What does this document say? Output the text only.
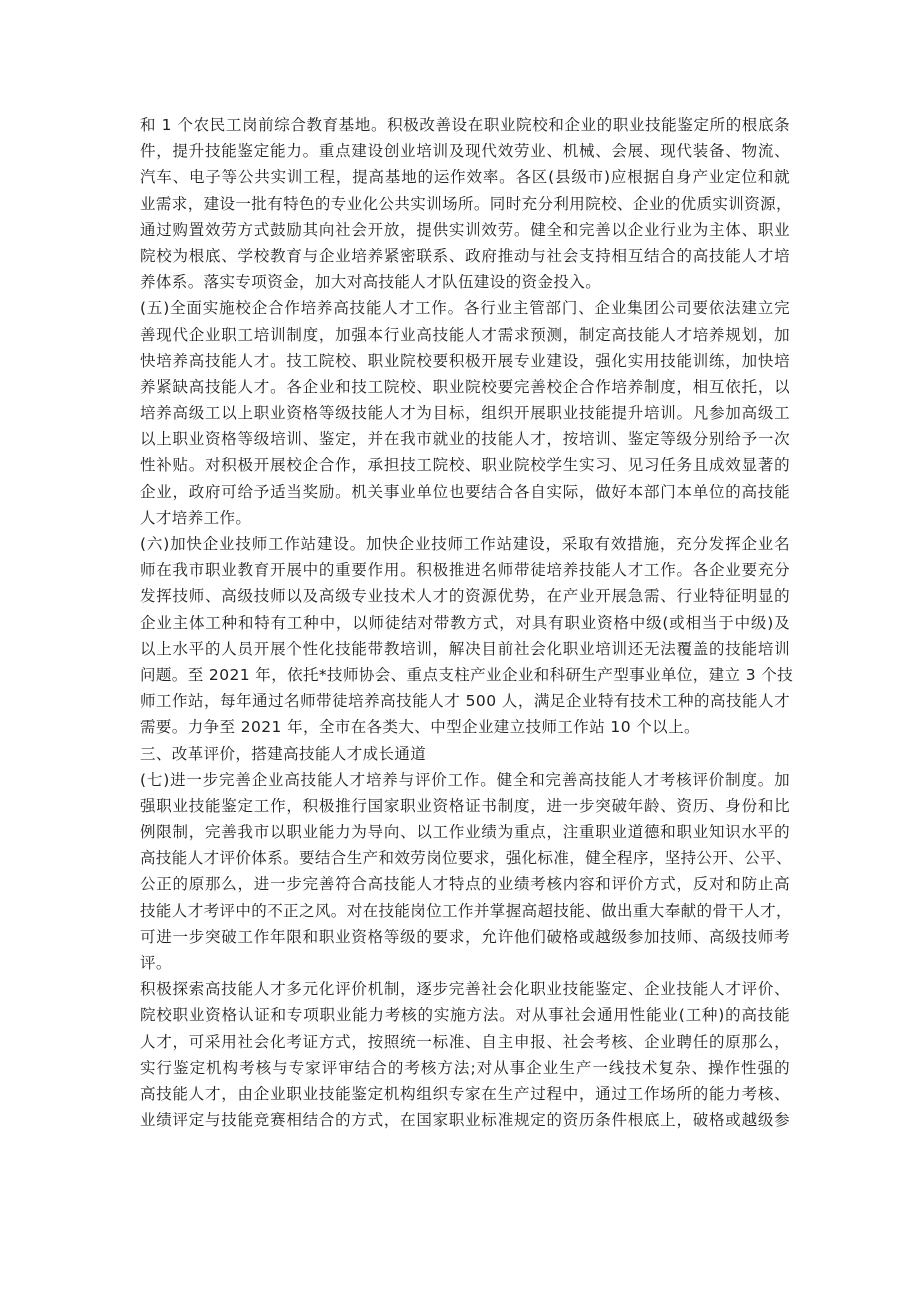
和 1 个农民工岗前综合教育基地。积极改善设在职业院校和企业的职业技能鉴定所的根底条
件，提升技能鉴定能力。重点建设创业培训及现代效劳业、机械、会展、现代装备、物流、
汽车、电子等公共实训工程，提高基地的运作效率。各区(县级市)应根据自身产业定位和就
业需求，建设一批有特色的专业化公共实训场所。同时充分利用院校、企业的优质实训资源，
通过购置效劳方式鼓励其向社会开放，提供实训效劳。健全和完善以企业行业为主体、职业
院校为根底、学校教育与企业培养紧密联系、政府推动与社会支持相互结合的高技能人才培
养体系。落实专项资金，加大对高技能人才队伍建设的资金投入。
(五)全面实施校企合作培养高技能人才工作。各行业主管部门、企业集团公司要依法建立完
善现代企业职工培训制度，加强本行业高技能人才需求预测，制定高技能人才培养规划，加
快培养高技能人才。技工院校、职业院校要积极开展专业建设，强化实用技能训练，加快培
养紧缺高技能人才。各企业和技工院校、职业院校要完善校企合作培养制度，相互依托，以
培养高级工以上职业资格等级技能人才为目标，组织开展职业技能提升培训。凡参加高级工
以上职业资格等级培训、鉴定，并在我市就业的技能人才，按培训、鉴定等级分别给予一次
性补贴。对积极开展校企合作，承担技工院校、职业院校学生实习、见习任务且成效显著的
企业，政府可给予适当奖励。机关事业单位也要结合各自实际，做好本部门本单位的高技能
人才培养工作。
(六)加快企业技师工作站建设。加快企业技师工作站建设，采取有效措施，充分发挥企业名
师在我市职业教育开展中的重要作用。积极推进名师带徒培养技能人才工作。各企业要充分
发挥技师、高级技师以及高级专业技术人才的资源优势，在产业开展急需、行业特征明显的
企业主体工种和特有工种中，以师徒结对带教方式，对具有职业资格中级(或相当于中级)及
以上水平的人员开展个性化技能带教培训，解决目前社会化职业培训还无法覆盖的技能培训
问题。至 2021 年，依托*技师协会、重点支柱产业企业和科研生产型事业单位，建立 3 个技
师工作站，每年通过名师带徒培养高技能人才 500 人，满足企业特有技术工种的高技能人才
需要。力争至 2021 年，全市在各类大、中型企业建立技师工作站 10 个以上。
三、改革评价，搭建高技能人才成长通道
(七)进一步完善企业高技能人才培养与评价工作。健全和完善高技能人才考核评价制度。加
强职业技能鉴定工作，积极推行国家职业资格证书制度，进一步突破年龄、资历、身份和比
例限制，完善我市以职业能力为导向、以工作业绩为重点，注重职业道德和职业知识水平的
高技能人才评价体系。要结合生产和效劳岗位要求，强化标准，健全程序，坚持公开、公平、
公正的原那么，进一步完善符合高技能人才特点的业绩考核内容和评价方式，反对和防止高
技能人才考评中的不正之风。对在技能岗位工作并掌握高超技能、做出重大奉献的骨干人才，
可进一步突破工作年限和职业资格等级的要求，允许他们破格或越级参加技师、高级技师考
评。
积极探索高技能人才多元化评价机制，逐步完善社会化职业技能鉴定、企业技能人才评价、
院校职业资格认证和专项职业能力考核的实施方法。对从事社会通用性能业(工种)的高技能
人才，可采用社会化考证方式，按照统一标准、自主申报、社会考核、企业聘任的原那么，
实行鉴定机构考核与专家评审结合的考核方法;对从事企业生产一线技术复杂、操作性强的
高技能人才，由企业职业技能鉴定机构组织专家在生产过程中，通过工作场所的能力考核、
业绩评定与技能竞赛相结合的方式，在国家职业标准规定的资历条件根底上，破格或越级参
